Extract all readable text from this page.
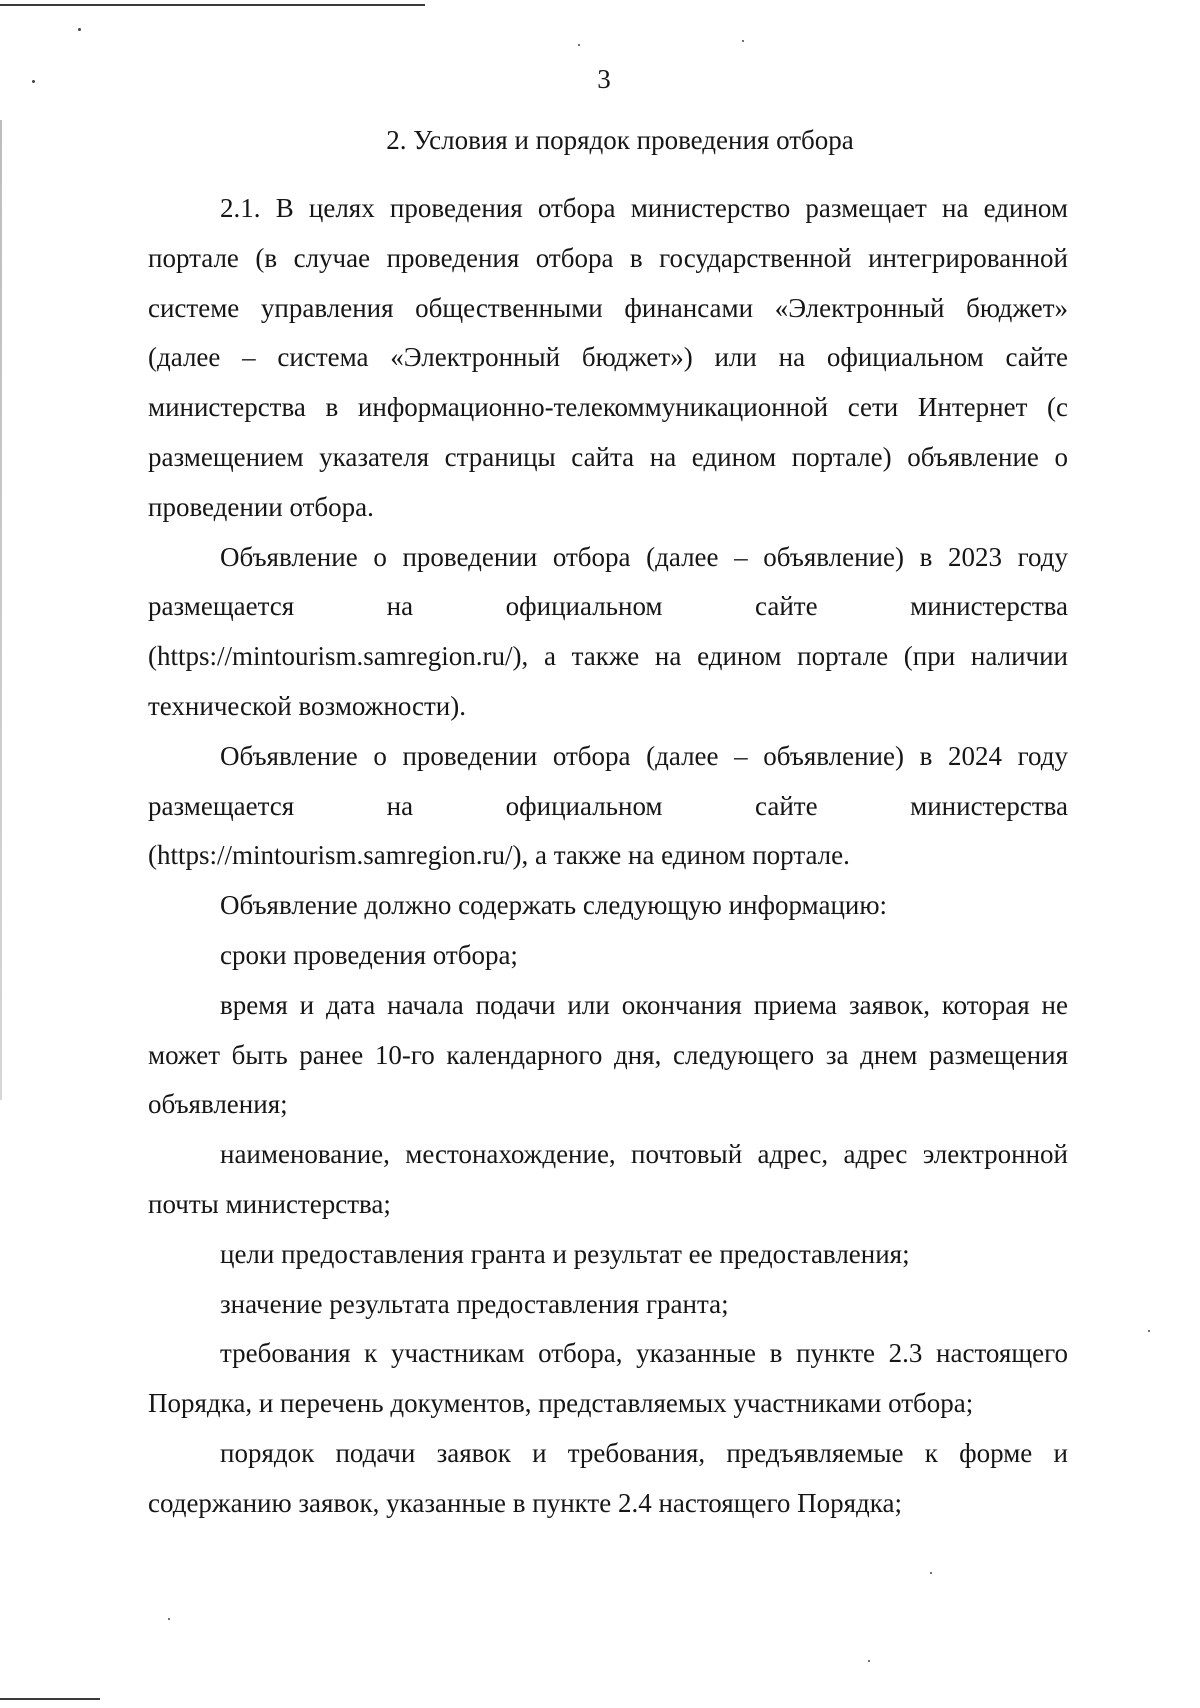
3
2. Условия и порядок проведения отбора

2.1. В целях проведения отбора министерство размещает на едином портале (в случае проведения отбора в государственной интегрированной системе управления общественными финансами «Электронный бюджет» (далее – система «Электронный бюджет») или на официальном сайте министерства в информационно-телекоммуникационной сети Интернет (с размещением указателя страницы сайта на едином портале) объявление о проведении отбора.

Объявление о проведении отбора (далее – объявление) в 2023 году размещается на официальном сайте министерства (https://mintourism.samregion.ru/), а также на едином портале (при наличии технической возможности).

Объявление о проведении отбора (далее – объявление) в 2024 году размещается на официальном сайте министерства (https://mintourism.samregion.ru/), а также на едином портале.

Объявление должно содержать следующую информацию:

сроки проведения отбора;

время и дата начала подачи или окончания приема заявок, которая не может быть ранее 10-го календарного дня, следующего за днем размещения объявления;

наименование, местонахождение, почтовый адрес, адрес электронной почты министерства;

цели предоставления гранта и результат ее предоставления;

значение результата предоставления гранта;

требования к участникам отбора, указанные в пункте 2.3 настоящего Порядка, и перечень документов, представляемых участниками отбора;

порядок подачи заявок и требования, предъявляемые к форме и содержанию заявок, указанные в пункте 2.4 настоящего Порядка;
